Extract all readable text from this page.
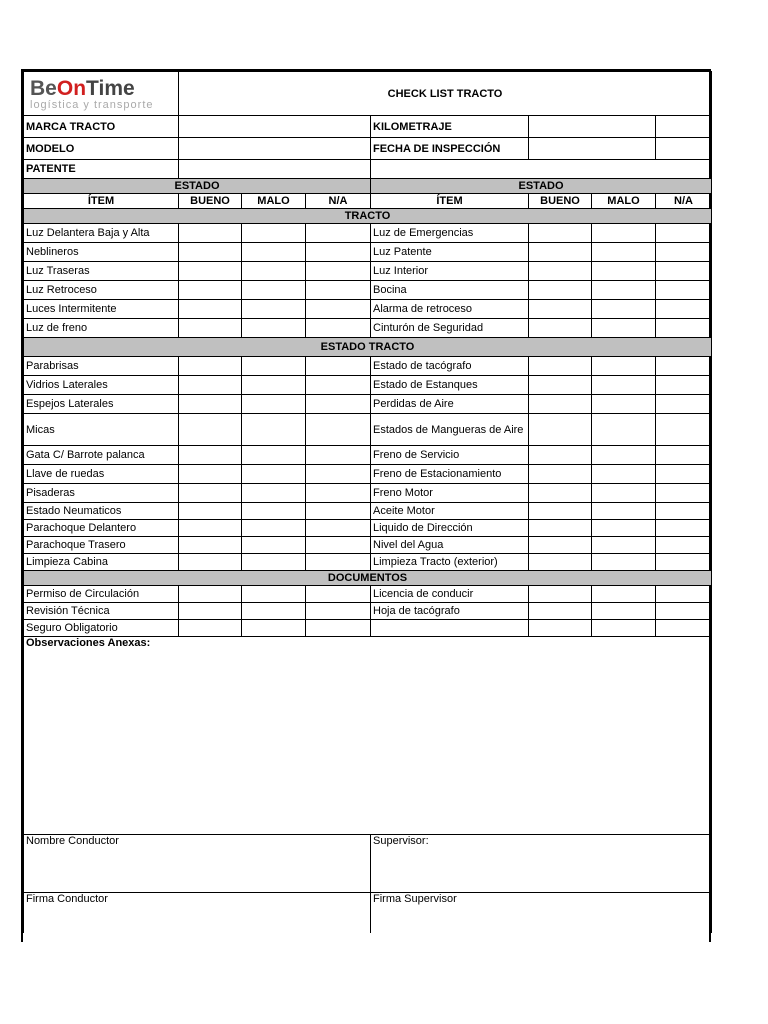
BeOnTime
logística y transporte	CHECK LIST TRACTO						
MARCA TRACTO				KILOMETRAJE			
MODELO				FECHA DE INSPECCIÓN			
PATENTE							
ESTADO				ESTADO			
ÍTEM	BUENO	MALO	N/A	ÍTEM	BUENO	MALO	N/A
TRACTO							
Luz Delantera Baja y Alta				Luz de Emergencias			
Neblineros				Luz Patente			
Luz Traseras				Luz Interior			
Luz Retroceso				Bocina			
Luces Intermitente				Alarma de retroceso			
Luz de freno				Cinturón de Seguridad			
ESTADO TRACTO							
Parabrisas				Estado de tacógrafo			
Vidrios Laterales				Estado de Estanques			
Espejos Laterales				Perdidas de Aire			
Micas				Estados de Mangueras de Aire			
Gata C/ Barrote palanca				Freno de Servicio			
Llave de ruedas				Freno de Estacionamiento			
Pisaderas				Freno Motor			
Estado Neumaticos				Aceite Motor			
Parachoque Delantero				Liquido de Dirección			
Parachoque Trasero				Nivel del Agua			
Limpieza Cabina				Limpieza Tracto (exterior)			
DOCUMENTOS							
Permiso de Circulación				Licencia de conducir			
Revisión Técnica				Hoja de tacógrafo			
Seguro Obligatorio							
Observaciones Anexas:							
Nombre Conductor				Supervisor:			
Firma Conductor				Firma Supervisor			
